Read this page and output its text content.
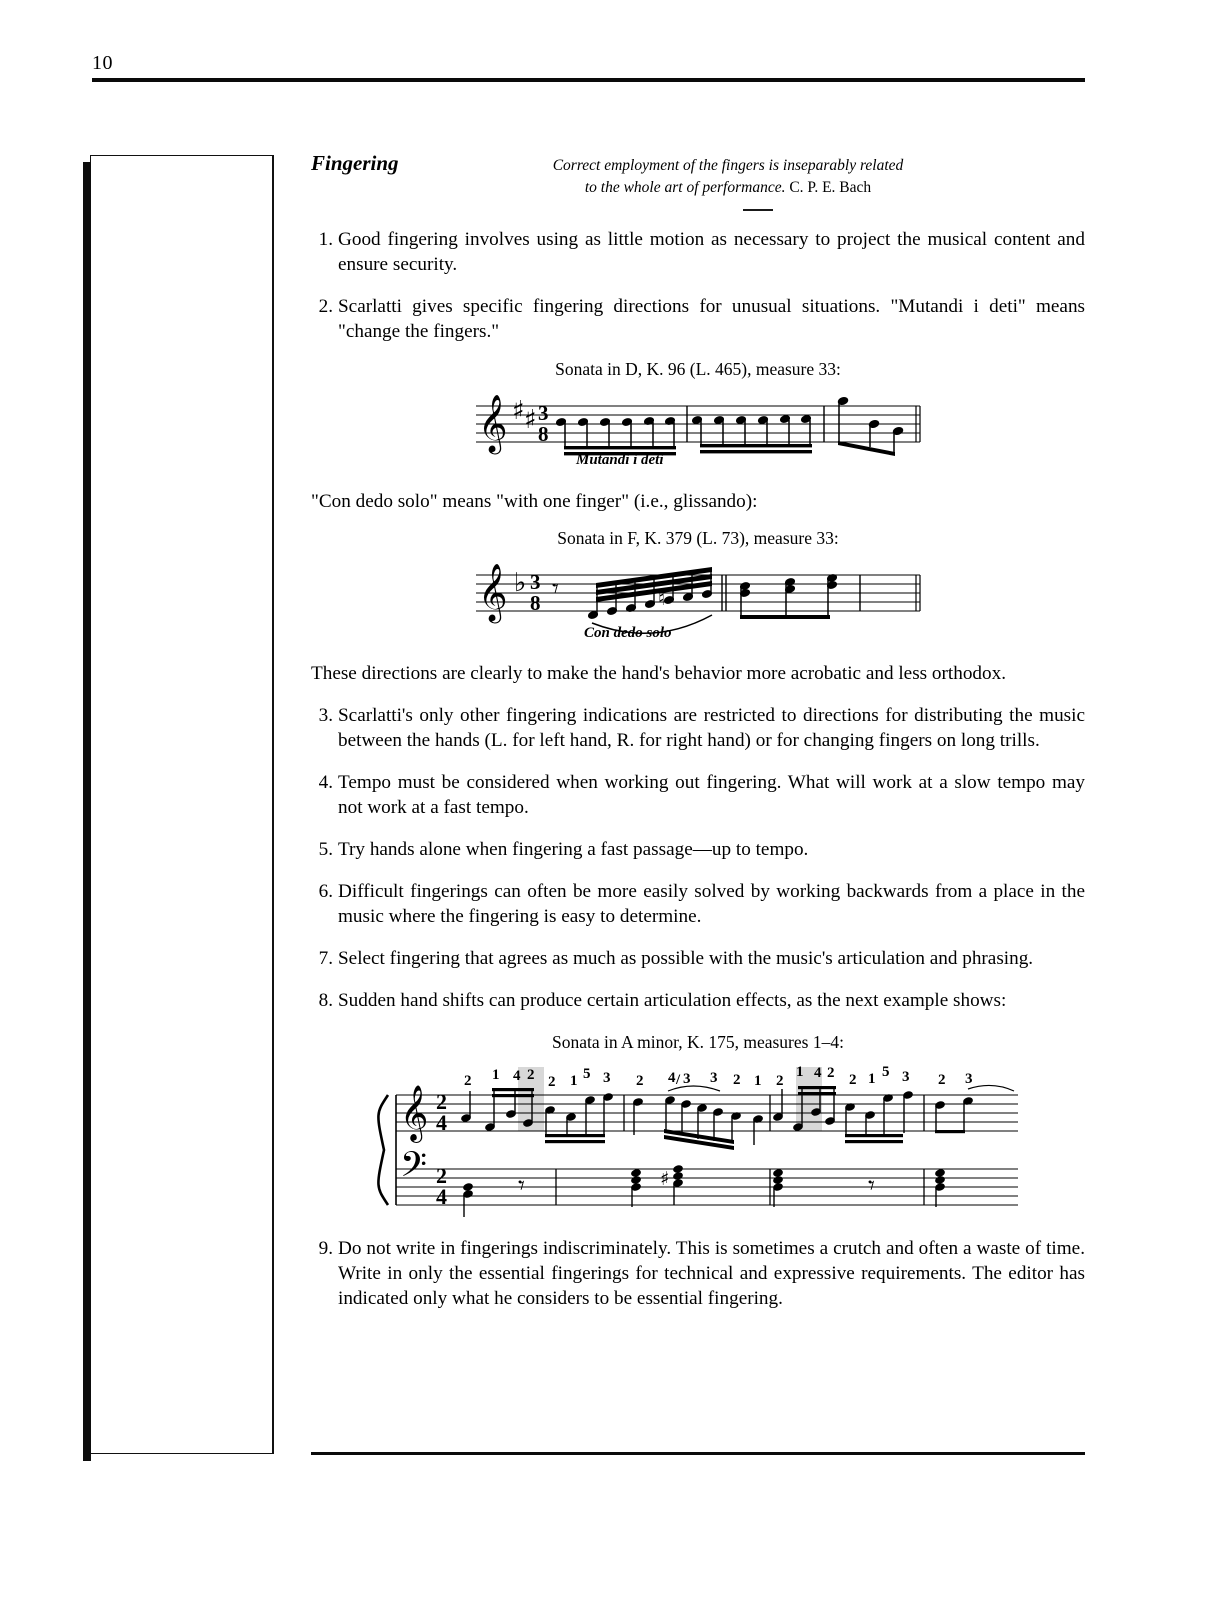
10
Fingering	Correct employment of the fingers is inseparably related
to the whole art of performance. C. P. E. Bach
1. Good fingering involves using as little motion as necessary to project the musical content and ensure security.
2. Scarlatti gives specific fingering directions for unusual situations. "Mutandi i deti" means "change the fingers."
Sonata in D, K. 96 (L. 465), measure 33:
𝄞 ♯ ♯ 3
8
Mutandi i deti

"Con dedo solo" means "with one finger" (i.e., glissando):

Sonata in F, K. 379 (L. 73), measure 33:
𝄞 ♭ 3
8 𝄾	♮
Con dedo solo

These directions are clearly to make the hand's behavior more acrobatic and less orthodox.

3. Scarlatti's only other fingering indications are restricted to directions for distributing the music between the hands (L. for left hand, R. for right hand) or for changing fingers on long trills.
4. Tempo must be considered when working out fingering. What will work at a slow tempo may not work at a fast tempo.
5. Try hands alone when fingering a fast passage—up to tempo.
6. Difficult fingerings can often be more easily solved by working backwards from a place in the music where the fingering is easy to determine.
7. Select fingering that agrees as much as possible with the music's articulation and phrasing.
8. Sudden hand shifts can produce certain articulation effects, as the next example shows:
Sonata in A minor, K. 175, measures 1–4:
2 1 4 2 2 1 5 3 2 4 / 3 3 2 1 2
1 4 2 2 1 5 3 2 3
𝄞
𝄢
2
4
2
4	𝄾	♯	𝄾
9. Do not write in fingerings indiscriminately. This is sometimes a crutch and often a waste of time. Write in only the essential fingerings for technical and expressive requirements. The editor has indicated only what he considers to be essential fingering.
